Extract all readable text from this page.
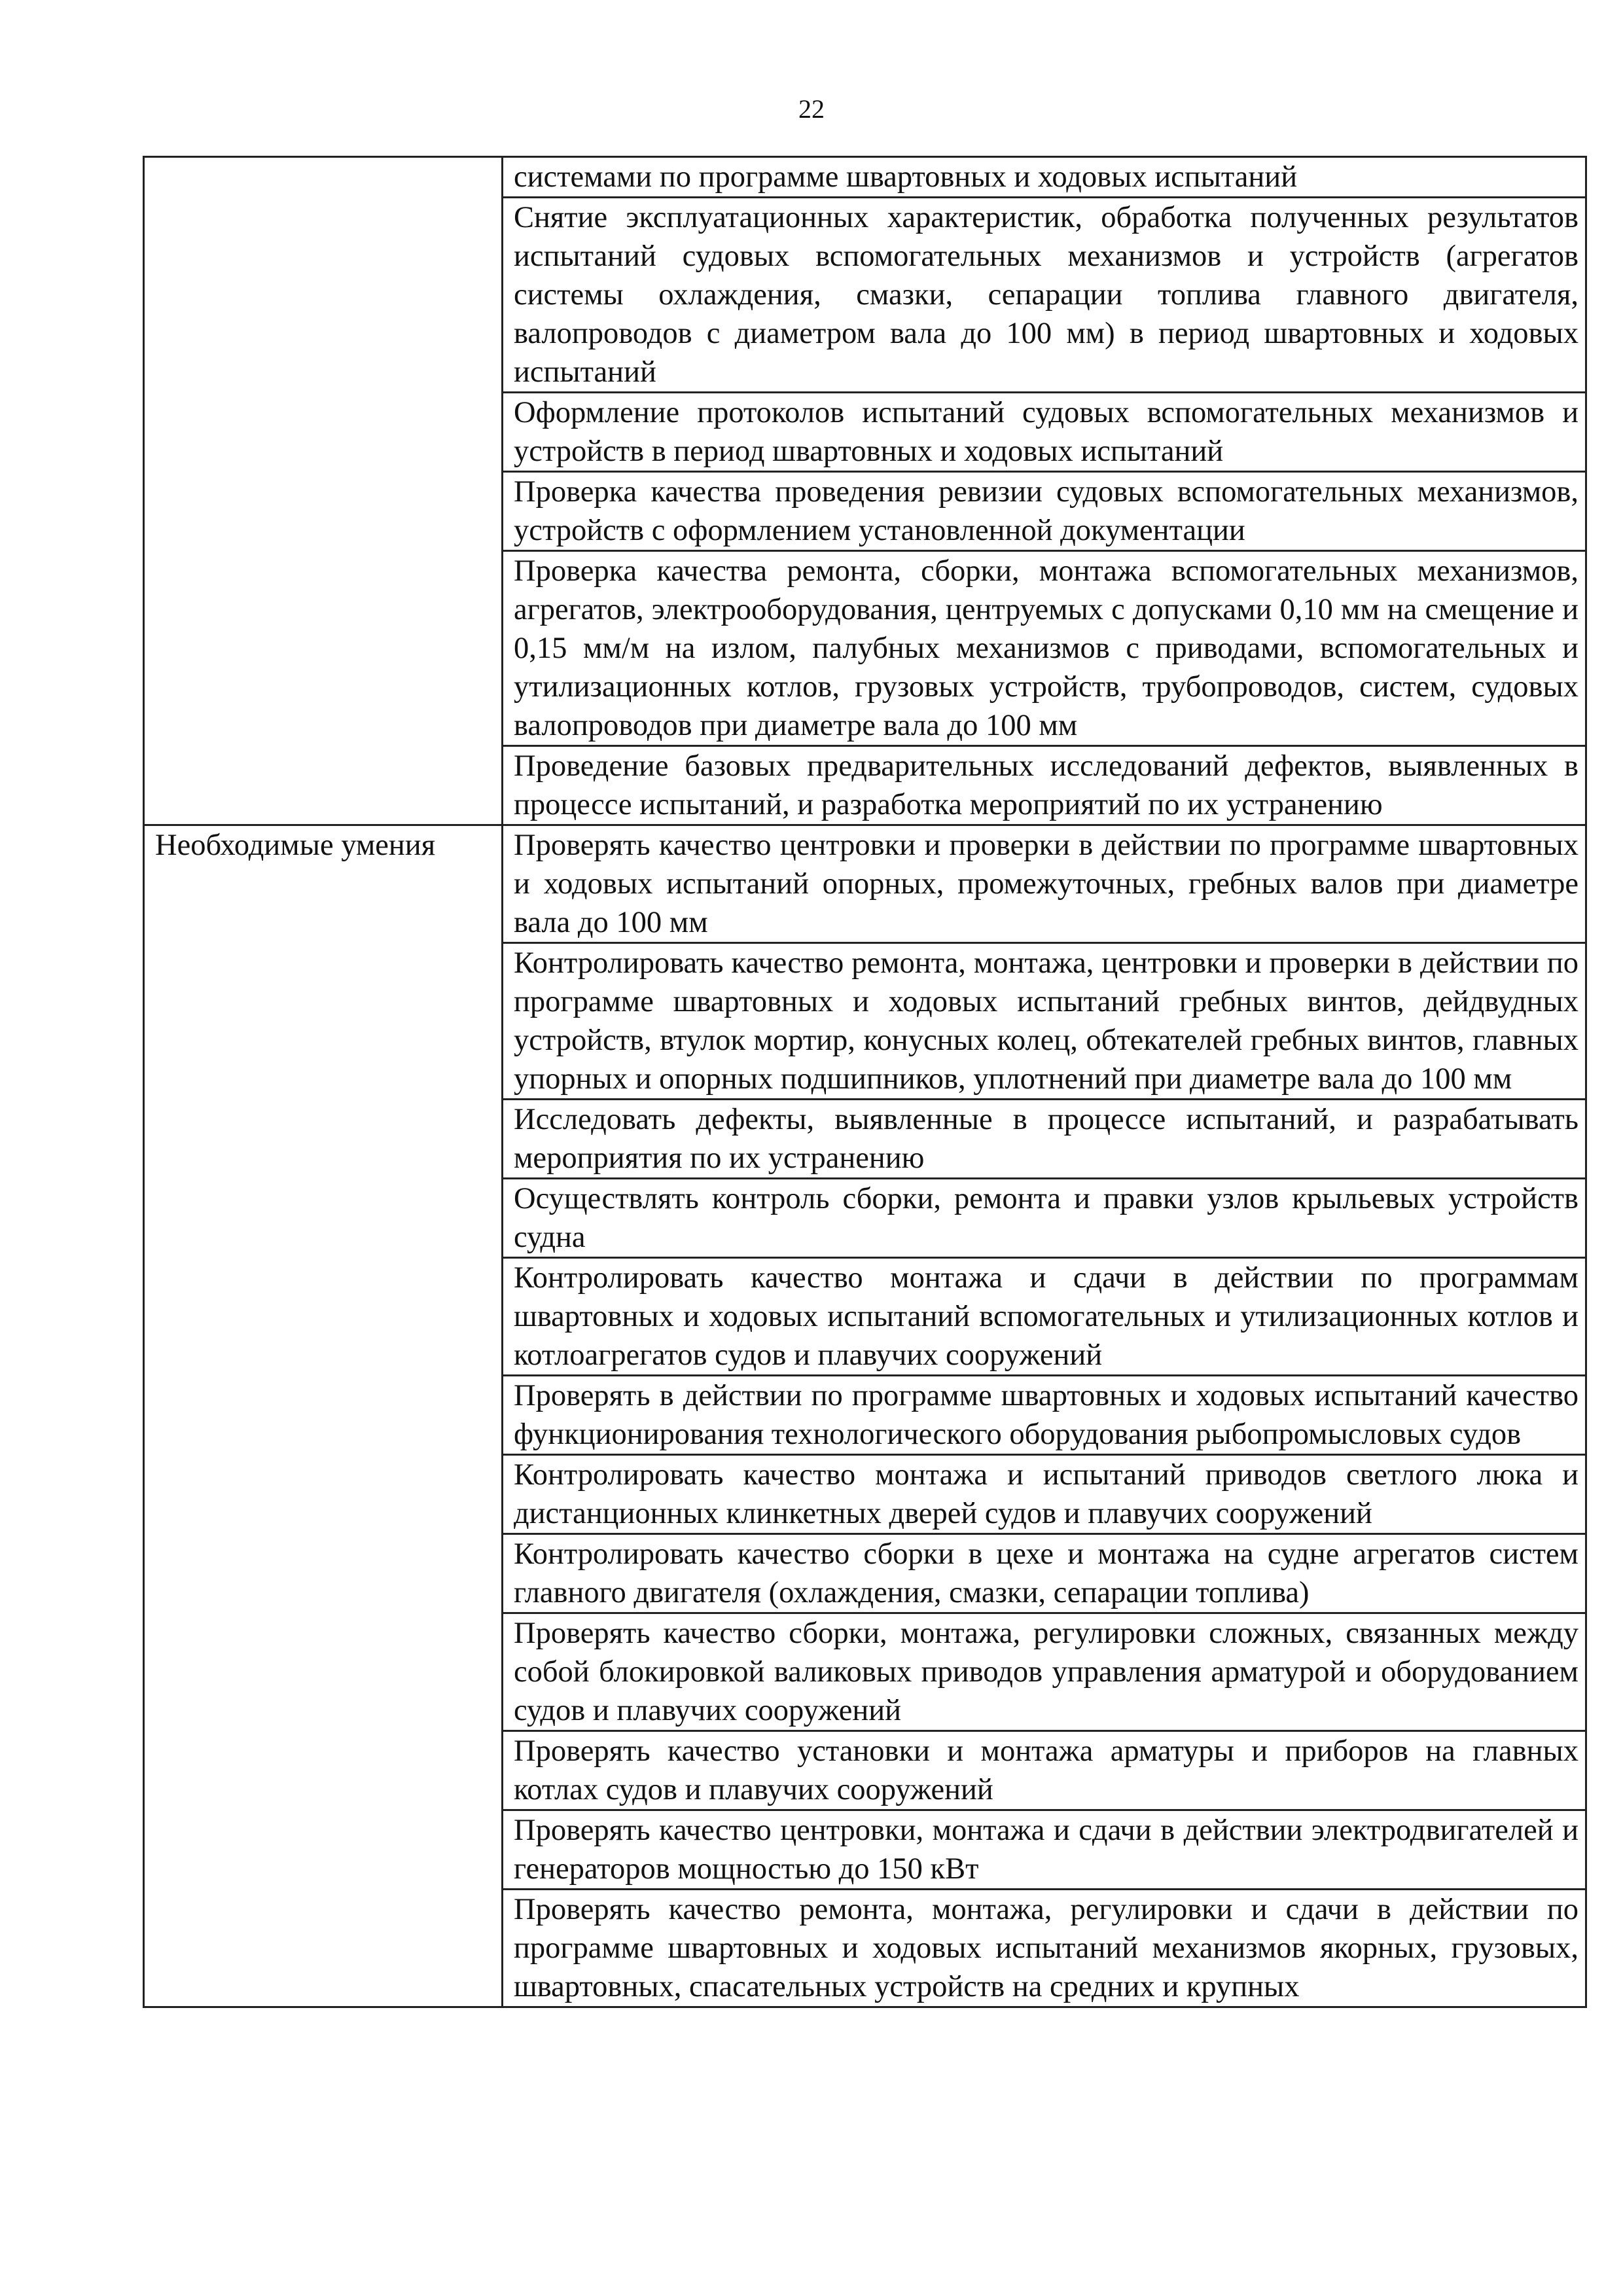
22
	системами по программе швартовных и ходовых испытаний
	Снятие эксплуатационных характеристик, обработка полученных результатов испытаний судовых вспомогательных механизмов и устройств (агрегатов системы охлаждения, смазки, сепарации топлива главного двигателя, валопроводов с диаметром вала до 100 мм) в период швартовных и ходовых испытаний
	Оформление протоколов испытаний судовых вспомогательных механизмов и устройств в период швартовных и ходовых испытаний
	Проверка качества проведения ревизии судовых вспомогательных механизмов, устройств с оформлением установленной документации
	Проверка качества ремонта, сборки, монтажа вспомогательных механизмов, агрегатов, электрооборудования, центруемых с допусками 0,10 мм на смещение и 0,15 мм/м на излом, палубных механизмов с приводами, вспомогательных и утилизационных котлов, грузовых устройств, трубопроводов, систем, судовых валопроводов при диаметре вала до 100 мм
	Проведение базовых предварительных исследований дефектов, выявленных в процессе испытаний, и разработка мероприятий по их устранению
Необходимые умения	Проверять качество центровки и проверки в действии по программе швартовных и ходовых испытаний опорных, промежуточных, гребных валов при диаметре вала до 100 мм
	Контролировать качество ремонта, монтажа, центровки и проверки в действии по программе швартовных и ходовых испытаний гребных винтов, дейдвудных устройств, втулок мортир, конусных колец, обтекателей гребных винтов, главных упорных и опорных подшипников, уплотнений при диаметре вала до 100 мм
	Исследовать дефекты, выявленные в процессе испытаний, и разрабатывать мероприятия по их устранению
	Осуществлять контроль сборки, ремонта и правки узлов крыльевых устройств судна
	Контролировать качество монтажа и сдачи в действии по программам швартовных и ходовых испытаний вспомогательных и утилизационных котлов и котлоагрегатов судов и плавучих сооружений
	Проверять в действии по программе швартовных и ходовых испытаний качество функционирования технологического оборудования рыбопромысловых судов
	Контролировать качество монтажа и испытаний приводов светлого люка и дистанционных клинкетных дверей судов и плавучих сооружений
	Контролировать качество сборки в цехе и монтажа на судне агрегатов систем главного двигателя (охлаждения, смазки, сепарации топлива)
	Проверять качество сборки, монтажа, регулировки сложных, связанных между собой блокировкой валиковых приводов управления арматурой и оборудованием судов и плавучих сооружений
	Проверять качество установки и монтажа арматуры и приборов на главных котлах судов и плавучих сооружений
	Проверять качество центровки, монтажа и сдачи в действии электродвигателей и генераторов мощностью до 150 кВт
	Проверять качество ремонта, монтажа, регулировки и сдачи в действии по программе швартовных и ходовых испытаний механизмов якорных, грузовых, швартовных, спасательных устройств на средних и крупных
